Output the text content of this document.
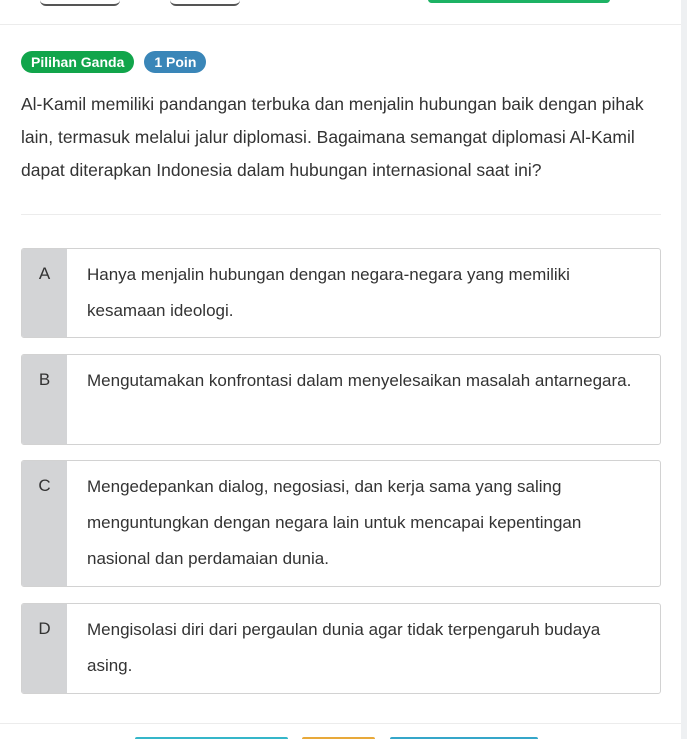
Pilihan Ganda	1 Poin
Al-Kamil memiliki pandangan terbuka dan menjalin hubungan baik dengan pihak lain, termasuk melalui jalur diplomasi. Bagaimana semangat diplomasi Al-Kamil dapat diterapkan Indonesia dalam hubungan internasional saat ini?
A	Hanya menjalin hubungan dengan negara-negara yang memiliki kesamaan ideologi.
B	Mengutamakan konfrontasi dalam menyelesaikan masalah antarnegara.
C	Mengedepankan dialog, negosiasi, dan kerja sama yang saling menguntungkan dengan negara lain untuk mencapai kepentingan nasional dan perdamaian dunia.
D	Mengisolasi diri dari pergaulan dunia agar tidak terpengaruh budaya asing.
